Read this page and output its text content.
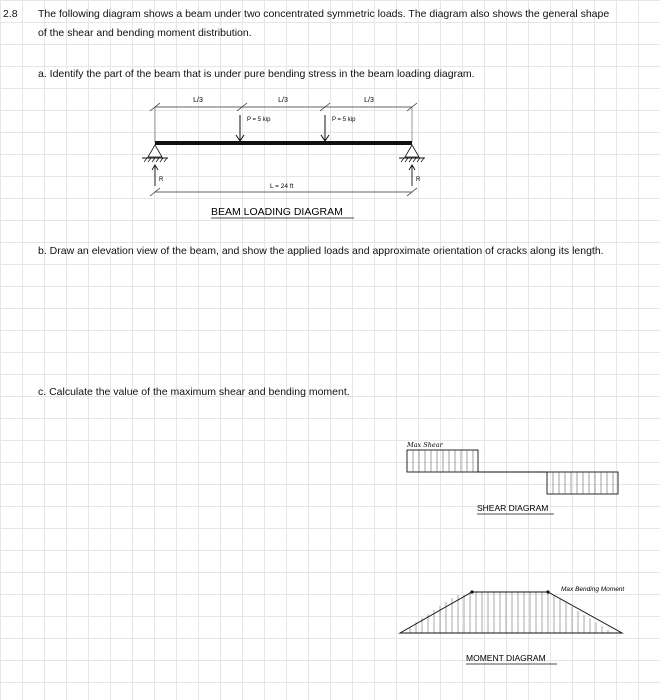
2.8 The following diagram shows a beam under two concentrated symmetric loads. The diagram also shows the general shape
of the shear and bending moment distribution.
a. Identify the part of the beam that is under pure bending stress in the beam loading diagram.
b. Draw an elevation view of the beam, and show the applied loads and approximate orientation of cracks along its length.
c. Calculate the value of the maximum shear and bending moment.
L/3	L/3	L/3
P = 5 kip	P = 5 kip
R	R
L = 24 ft
BEAM LOADING DIAGRAM
Max Shear
SHEAR DIAGRAM
Max Bending Moment
MOMENT DIAGRAM
